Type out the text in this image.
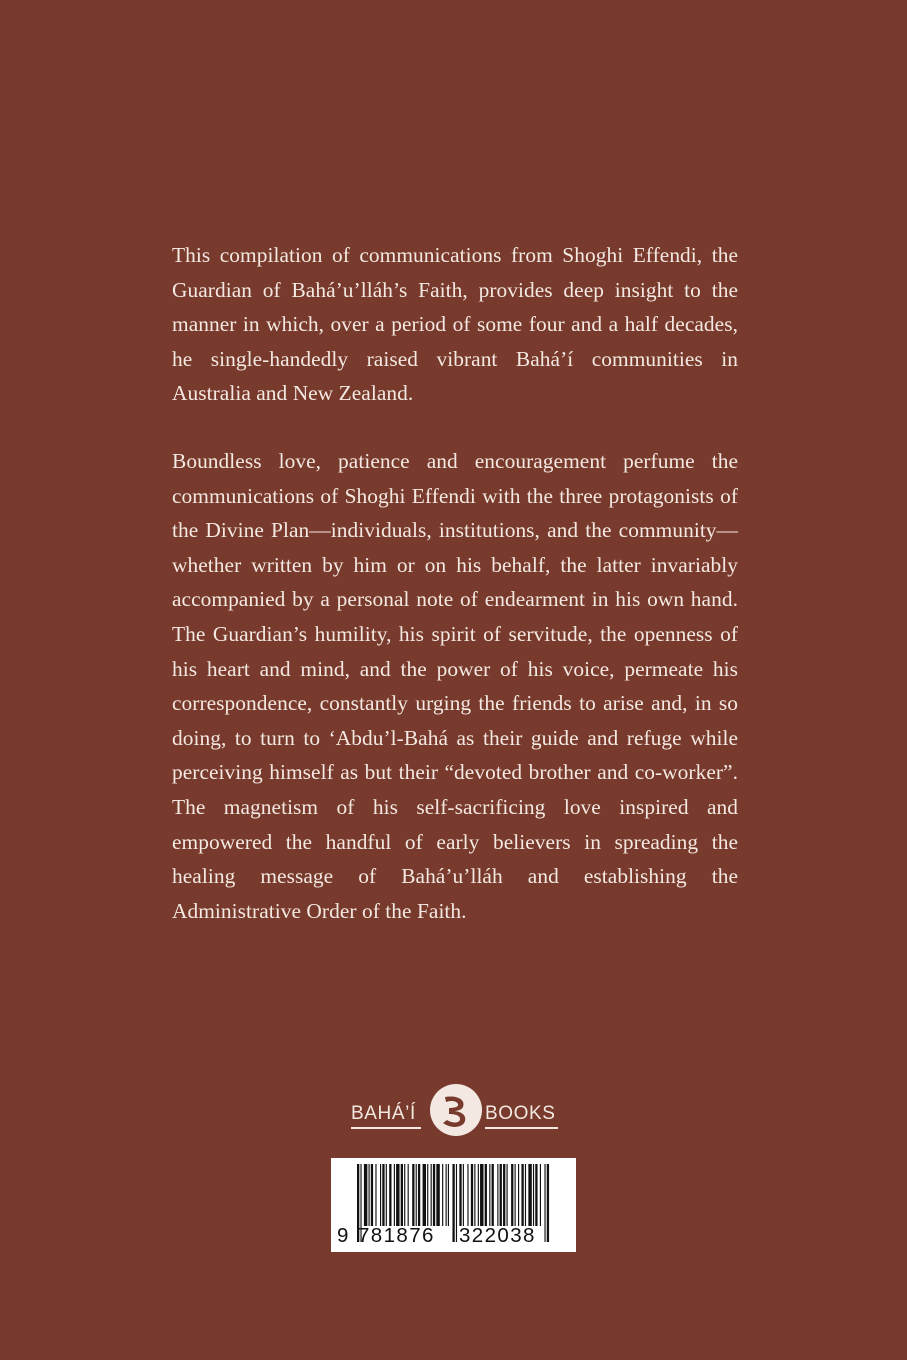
This compilation of communications from Shoghi Effendi, the Guardian of Bahá’u’lláh’s Faith, provides deep insight to the manner in which, over a period of some four and a half decades, he single-handedly raised vibrant Bahá’í communities in Australia and New Zealand.

Boundless love, patience and encouragement perfume the communications of Shoghi Effendi with the three protagonists of the Divine Plan—individuals, institutions, and the community—whether written by him or on his behalf, the latter invariably accompanied by a personal note of endearment in his own hand. The Guardian’s humility, his spirit of servitude, the openness of his heart and mind, and the power of his voice, permeate his correspondence, constantly urging the friends to arise and, in so doing, to turn to ‘Abdu’l-Bahá as their guide and refuge while perceiving himself as but their “devoted brother and co-worker”. The magnetism of his self-sacrificing love inspired and empowered the handful of early believers in spreading the healing message of Bahá’u’lláh and establishing the Administrative Order of the Faith.

BAHÁ’Í	BOOKS
9 781876 322038
